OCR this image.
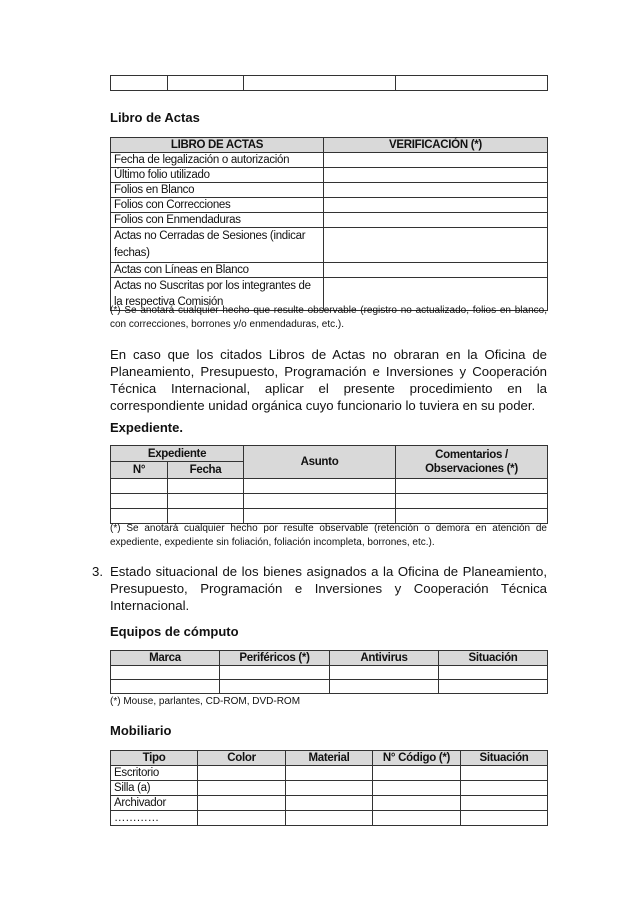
Libro de Actas
LIBRO DE ACTAS	VERIFICACIÓN (*)
Fecha de legalización o autorización	
Último folio utilizado	
Folios en Blanco	
Folios con Correcciones	
Folios con Enmendaduras	
Actas no Cerradas de Sesiones (indicar fechas)	
Actas con Líneas en Blanco	
Actas no Suscritas por los integrantes de la respectiva Comisión	
(*) Se anotará cualquier hecho que resulte observable (registro no actualizado, folios en blanco, con correcciones, borrones y/o enmendaduras, etc.).
En caso que los citados Libros de Actas no obraran en la Oficina de Planeamiento, Presupuesto, Programación e Inversiones y Cooperación Técnica Internacional, aplicar el presente procedimiento en la correspondiente unidad orgánica cuyo funcionario lo tuviera en su poder.
Expediente.
Expediente		Asunto	Comentarios / Observaciones (*)
N°	Fecha		

(*) Se anotará cualquier hecho por resulte observable (retención o demora en atención de expediente, expediente sin foliación, foliación incompleta, borrones, etc.).
3. Estado situacional de los bienes asignados a la Oficina de Planeamiento, Presupuesto, Programación e Inversiones y Cooperación Técnica Internacional.
Equipos de cómputo
Marca	Periféricos (*)	Antivirus	Situación

(*) Mouse, parlantes, CD-ROM, DVD-ROM
Mobiliario
Tipo	Color	Material	N° Código (*)	Situación
Escritorio				
Silla (a)				
Archivador				
…………				
